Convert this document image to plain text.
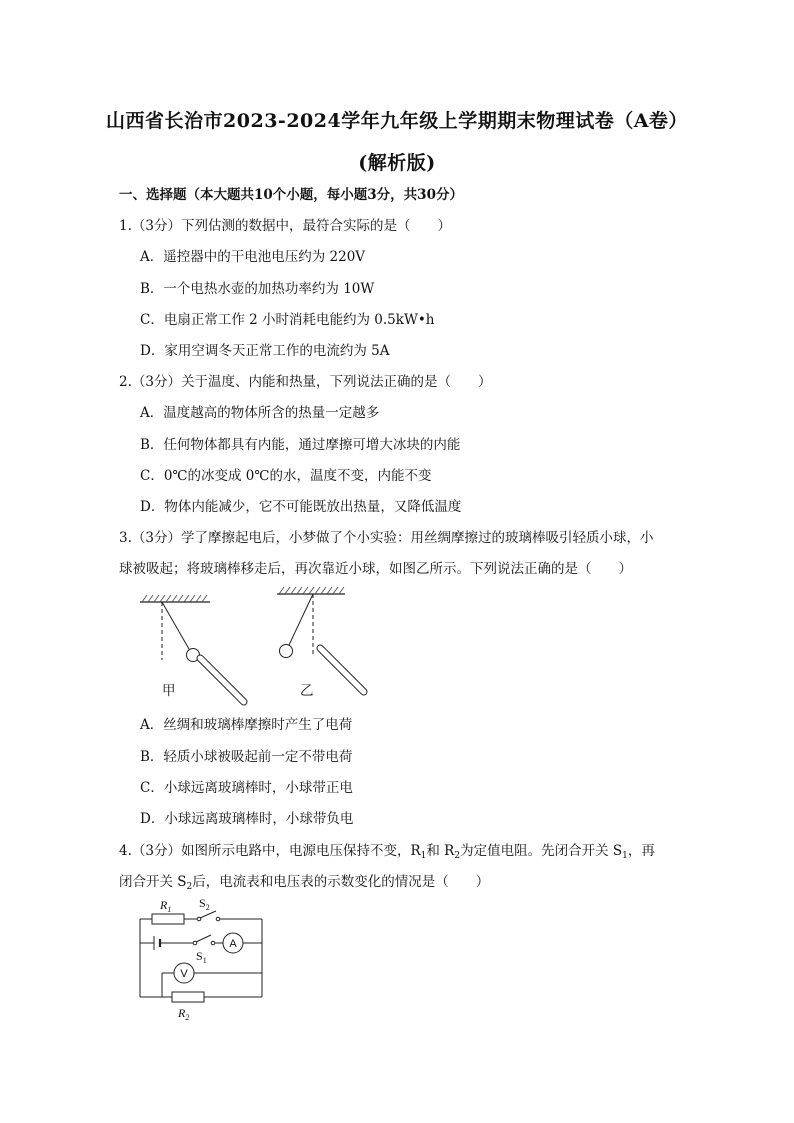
山西省长治市2023-2024学年九年级上学期期末物理试卷（A卷）
(解析版)
一、选择题（本大题共10个小题，每小题3分，共30分）
1.（3分）下列估测的数据中，最符合实际的是（　　）
A．遥控器中的干电池电压约为 220V
B．一个电热水壶的加热功率约为 10W
C．电扇正常工作 2 小时消耗电能约为 0.5kW•h
D．家用空调冬天正常工作的电流约为 5A
2.（3分）关于温度、内能和热量，下列说法正确的是（　　）
A．温度越高的物体所含的热量一定越多
B．任何物体都具有内能，通过摩擦可增大冰块的内能
C．0℃的冰变成 0℃的水，温度不变，内能不变
D．物体内能减少，它不可能既放出热量，又降低温度
3.（3分）学了摩擦起电后，小梦做了个小实验：用丝绸摩擦过的玻璃棒吸引轻质小球，小
球被吸起；将玻璃棒移走后，再次靠近小球，如图乙所示。下列说法正确的是（　　）
甲	乙
A．丝绸和玻璃棒摩擦时产生了电荷
B．轻质小球被吸起前一定不带电荷
C．小球远离玻璃棒时，小球带正电
D．小球远离玻璃棒时，小球带负电
4.（3分）如图所示电路中，电源电压保持不变，$R_1$和 $R_2$为定值电阻。先闭合开关 $S_1$，再
闭合开关 $S_2$后，电流表和电压表的示数变化的情况是（　　）
$R_1$ $S_2$
$S_1$
A
V
$R_2$
